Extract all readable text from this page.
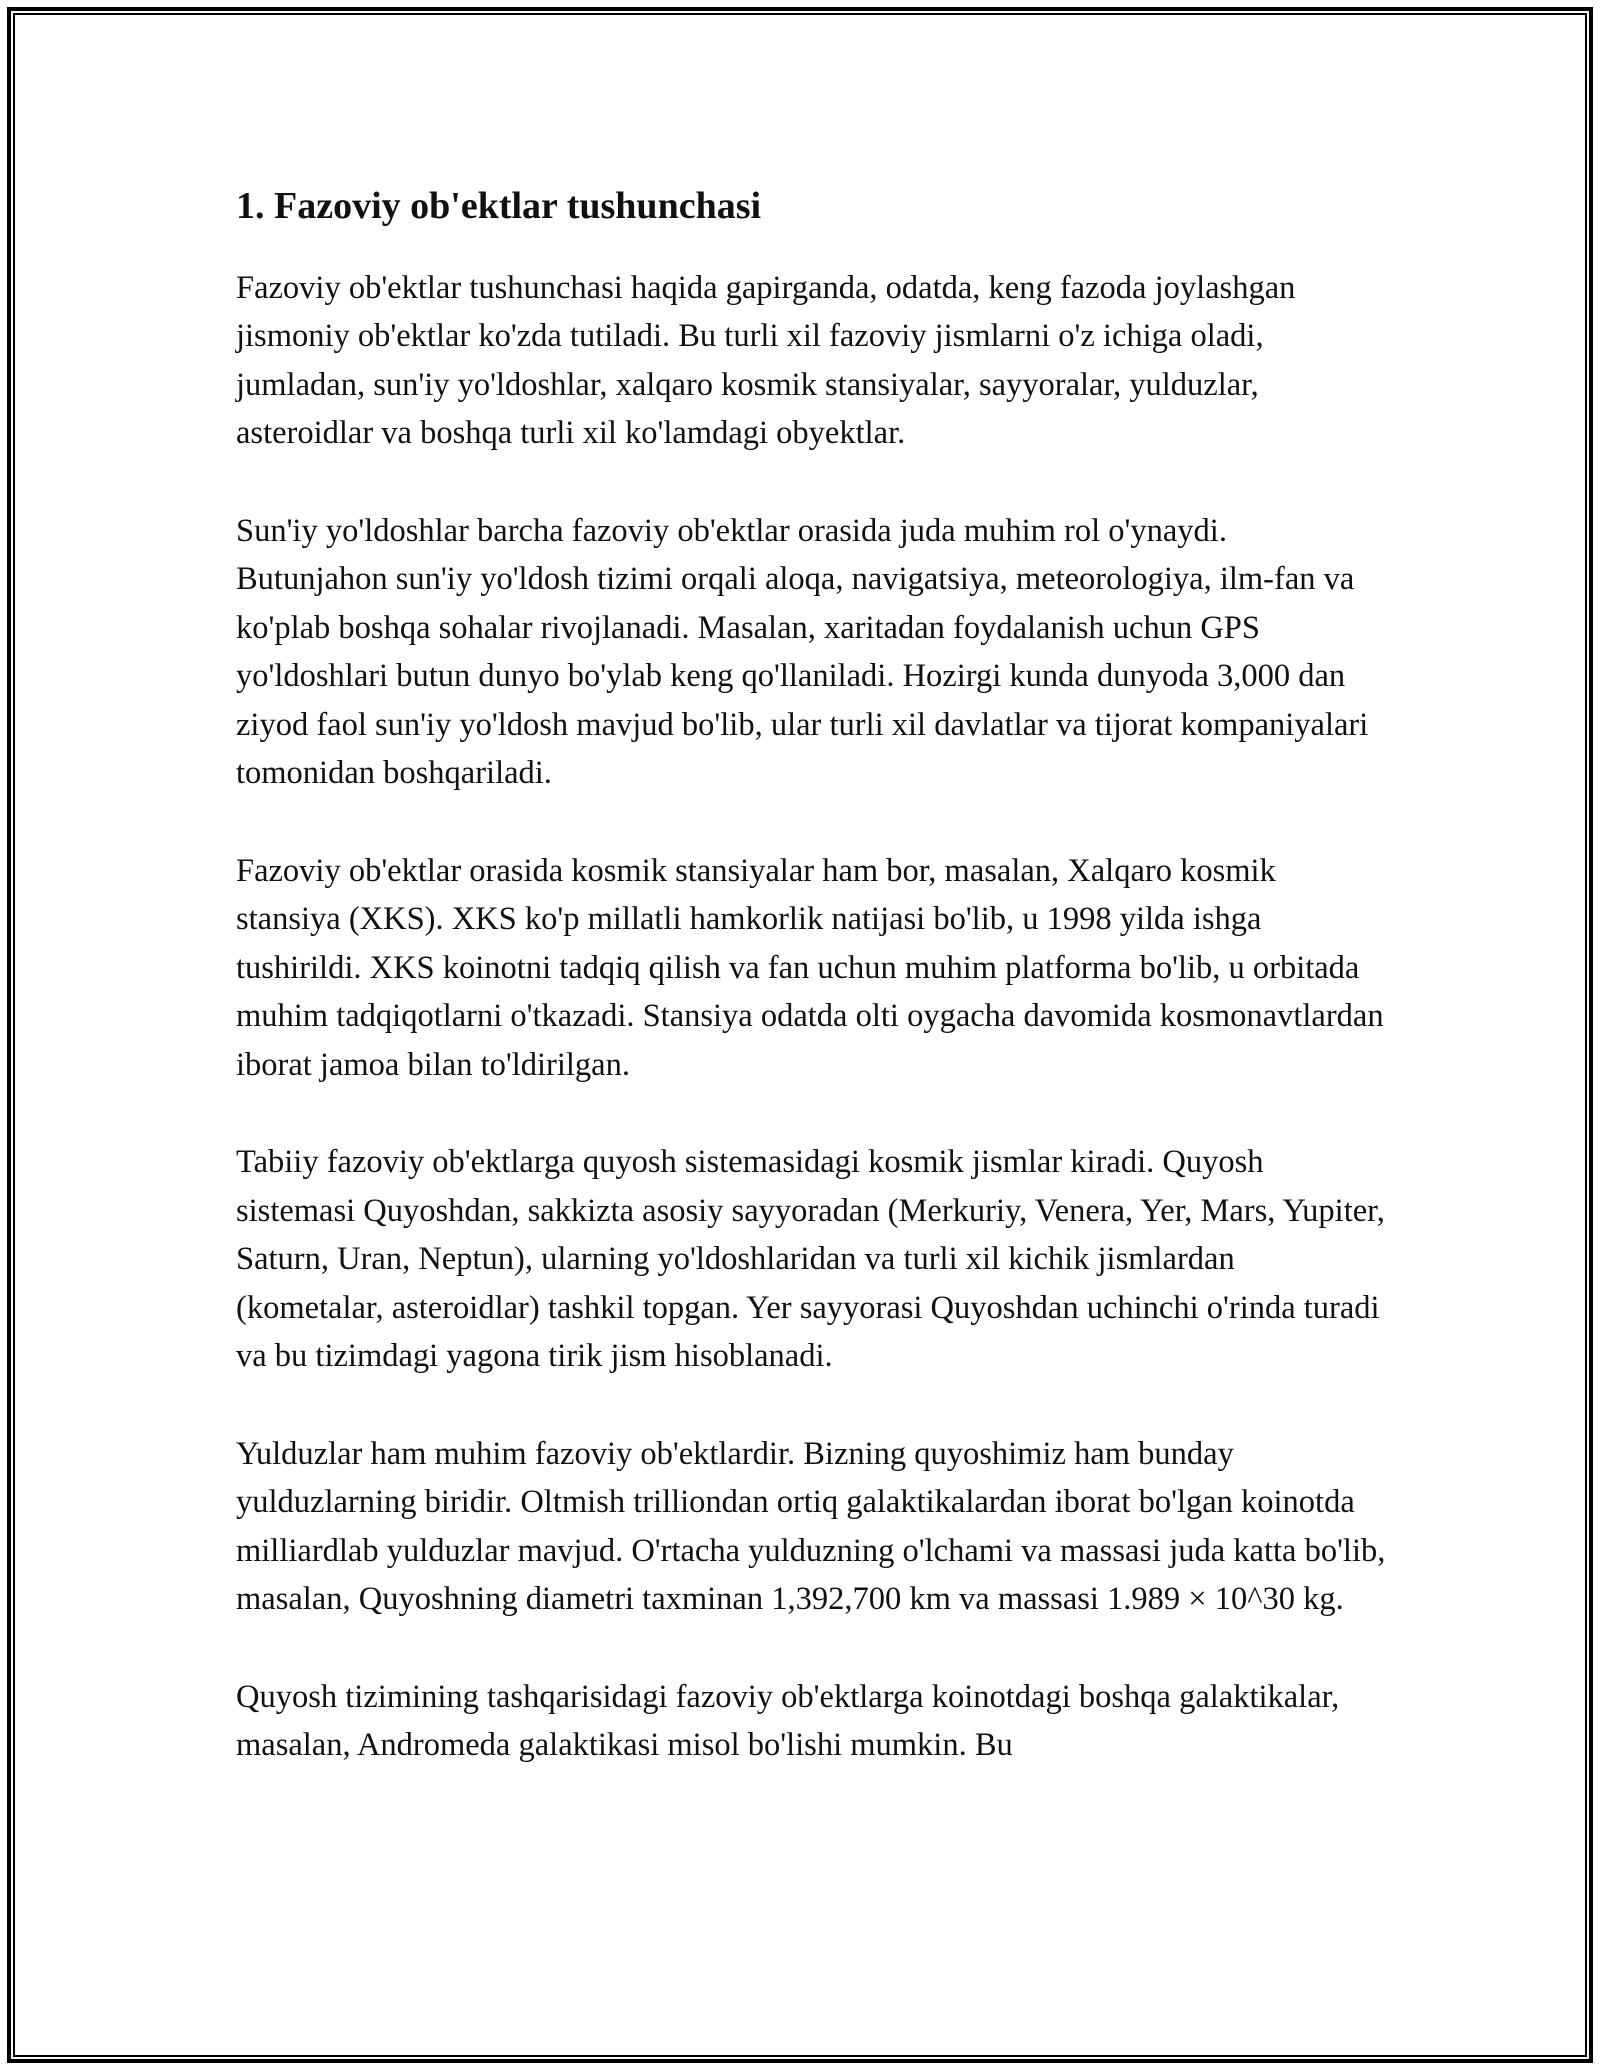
1. Fazoviy ob'ektlar tushunchasi

Fazoviy ob'ektlar tushunchasi haqida gapirganda, odatda, keng fazoda joylashgan jismoniy ob'ektlar ko'zda tutiladi. Bu turli xil fazoviy jismlarni o'z ichiga oladi, jumladan, sun'iy yo'ldoshlar, xalqaro kosmik stansiyalar, sayyoralar, yulduzlar, asteroidlar va boshqa turli xil ko'lamdagi obyektlar.

Sun'iy yo'ldoshlar barcha fazoviy ob'ektlar orasida juda muhim rol o'ynaydi. Butunjahon sun'iy yo'ldosh tizimi orqali aloqa, navigatsiya, meteorologiya, ilm-fan va ko'plab boshqa sohalar rivojlanadi. Masalan, xaritadan foydalanish uchun GPS yo'ldoshlari butun dunyo bo'ylab keng qo'llaniladi. Hozirgi kunda dunyoda 3,000 dan ziyod faol sun'iy yo'ldosh mavjud bo'lib, ular turli xil davlatlar va tijorat kompaniyalari tomonidan boshqariladi.

Fazoviy ob'ektlar orasida kosmik stansiyalar ham bor, masalan, Xalqaro kosmik stansiya (XKS). XKS ko'p millatli hamkorlik natijasi bo'lib, u 1998 yilda ishga tushirildi. XKS koinotni tadqiq qilish va fan uchun muhim platforma bo'lib, u orbitada muhim tadqiqotlarni o'tkazadi. Stansiya odatda olti oygacha davomida kosmonavtlardan iborat jamoa bilan to'ldirilgan.

Tabiiy fazoviy ob'ektlarga quyosh sistemasidagi kosmik jismlar kiradi. Quyosh sistemasi Quyoshdan, sakkizta asosiy sayyoradan (Merkuriy, Venera, Yer, Mars, Yupiter, Saturn, Uran, Neptun), ularning yo'ldoshlaridan va turli xil kichik jismlardan (kometalar, asteroidlar) tashkil topgan. Yer sayyorasi Quyoshdan uchinchi o'rinda turadi va bu tizimdagi yagona tirik jism hisoblanadi.

Yulduzlar ham muhim fazoviy ob'ektlardir. Bizning quyoshimiz ham bunday yulduzlarning biridir. Oltmish trilliondan ortiq galaktikalardan iborat bo'lgan koinotda milliardlab yulduzlar mavjud. O'rtacha yulduzning o'lchami va massasi juda katta bo'lib, masalan, Quyoshning diametri taxminan 1,392,700 km va massasi 1.989 × 10^30 kg.

Quyosh tizimining tashqarisidagi fazoviy ob'ektlarga koinotdagi boshqa galaktikalar, masalan, Andromeda galaktikasi misol bo'lishi mumkin. Bu
